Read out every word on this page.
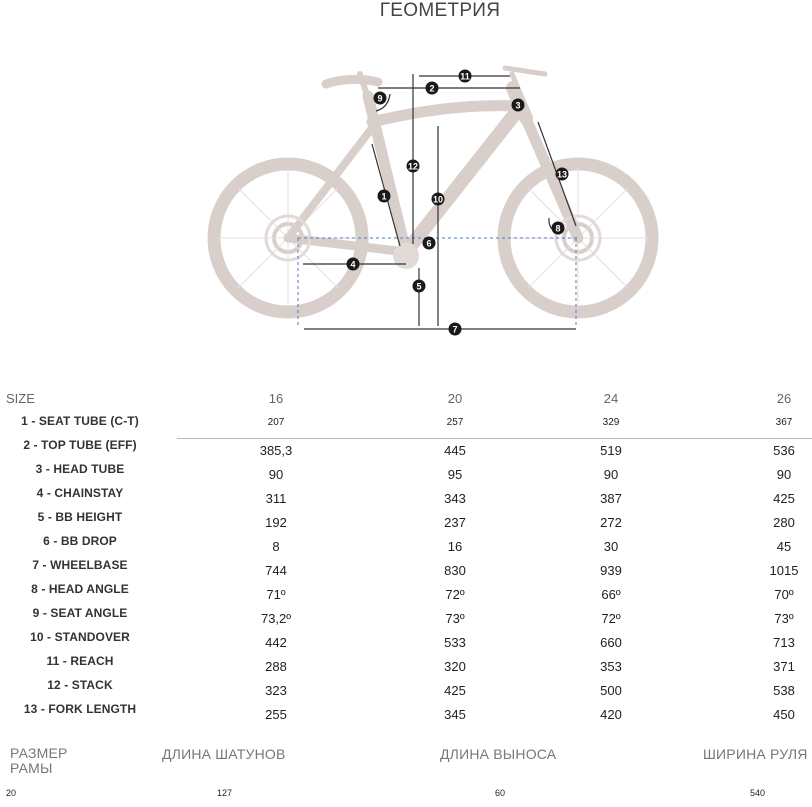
ГЕОМЕТРИЯ
1
2
3
4
5
6
7
8
9
10
11
12
13
SIZE	16	20	24	26
1 - SEAT TUBE (C-T)	207	257	329	367
2 - TOP TUBE (EFF)	385,3	445	519	536
3 - HEAD TUBE	90	95	90	90
4 - CHAINSTAY	311	343	387	425
5 - BB HEIGHT	192	237	272	280
6 - BB DROP	8	16	30	45
7 - WHEELBASE	744	830	939	1015
8 - HEAD ANGLE	71º	72º	66º	70º
9 - SEAT ANGLE	73,2º	73º	72º	73º
10 - STANDOVER	442	533	660	713
11 - REACH	288	320	353	371
12 - STACK	323	425	500	538
13 - FORK LENGTH	255	345	420	450
РАЗМЕР РАМЫ
ДЛИНА ШАТУНОВ	ДЛИНА ВЫНОСА	ШИРИНА РУЛЯ
20	127	60	540
